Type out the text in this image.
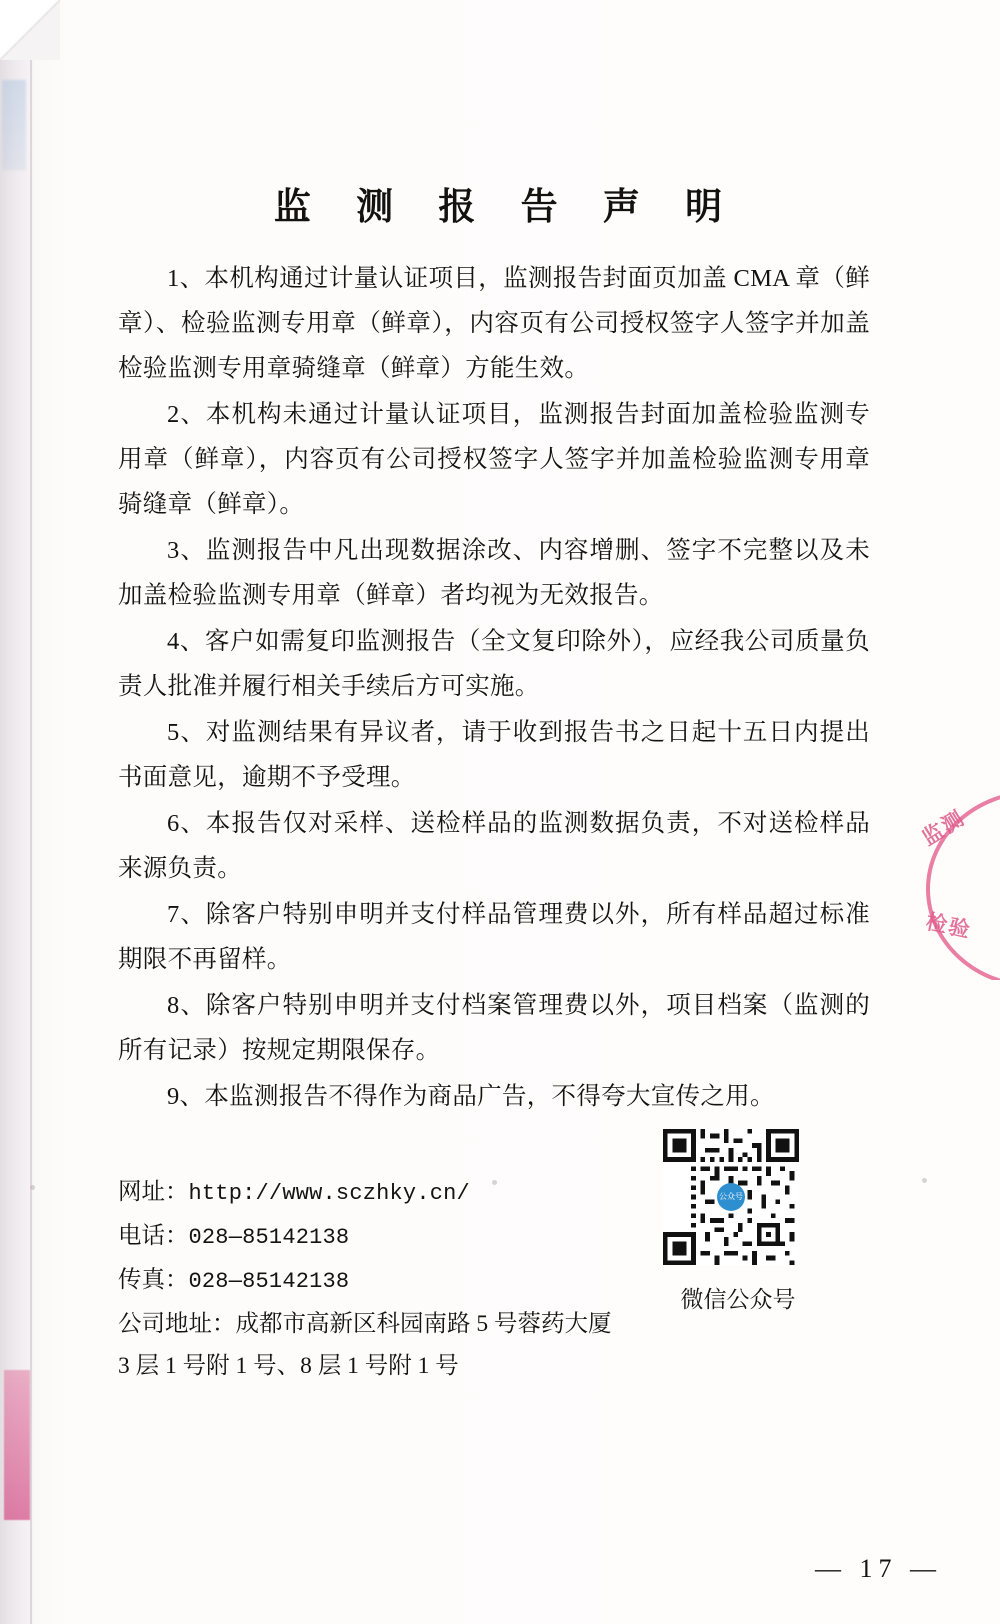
监 测 报 告 声 明

1、本机构通过计量认证项目，监测报告封面页加盖 CMA 章（鲜章）、检验监测专用章（鲜章），内容页有公司授权签字人签字并加盖检验监测专用章骑缝章（鲜章）方能生效。

2、本机构未通过计量认证项目，监测报告封面加盖检验监测专用章（鲜章），内容页有公司授权签字人签字并加盖检验监测专用章骑缝章（鲜章）。

3、监测报告中凡出现数据涂改、内容增删、签字不完整以及未加盖检验监测专用章（鲜章）者均视为无效报告。

4、客户如需复印监测报告（全文复印除外），应经我公司质量负责人批准并履行相关手续后方可实施。

5、对监测结果有异议者，请于收到报告书之日起十五日内提出书面意见，逾期不予受理。

6、本报告仅对采样、送检样品的监测数据负责，不对送检样品来源负责。

7、除客户特别申明并支付样品管理费以外，所有样品超过标准期限不再留样。

8、除客户特别申明并支付档案管理费以外，项目档案（监测的所有记录）按规定期限保存。

9、本监测报告不得作为商品广告，不得夸大宣传之用。

网址：http://www.sczhky.cn/
电话：028—85142138
传真：028—85142138
公司地址：成都市高新区科园南路 5 号蓉药大厦
3 层 1 号附 1 号、8 层 1 号附 1 号
公众号
微信公众号
监测
检验
— 17 —
